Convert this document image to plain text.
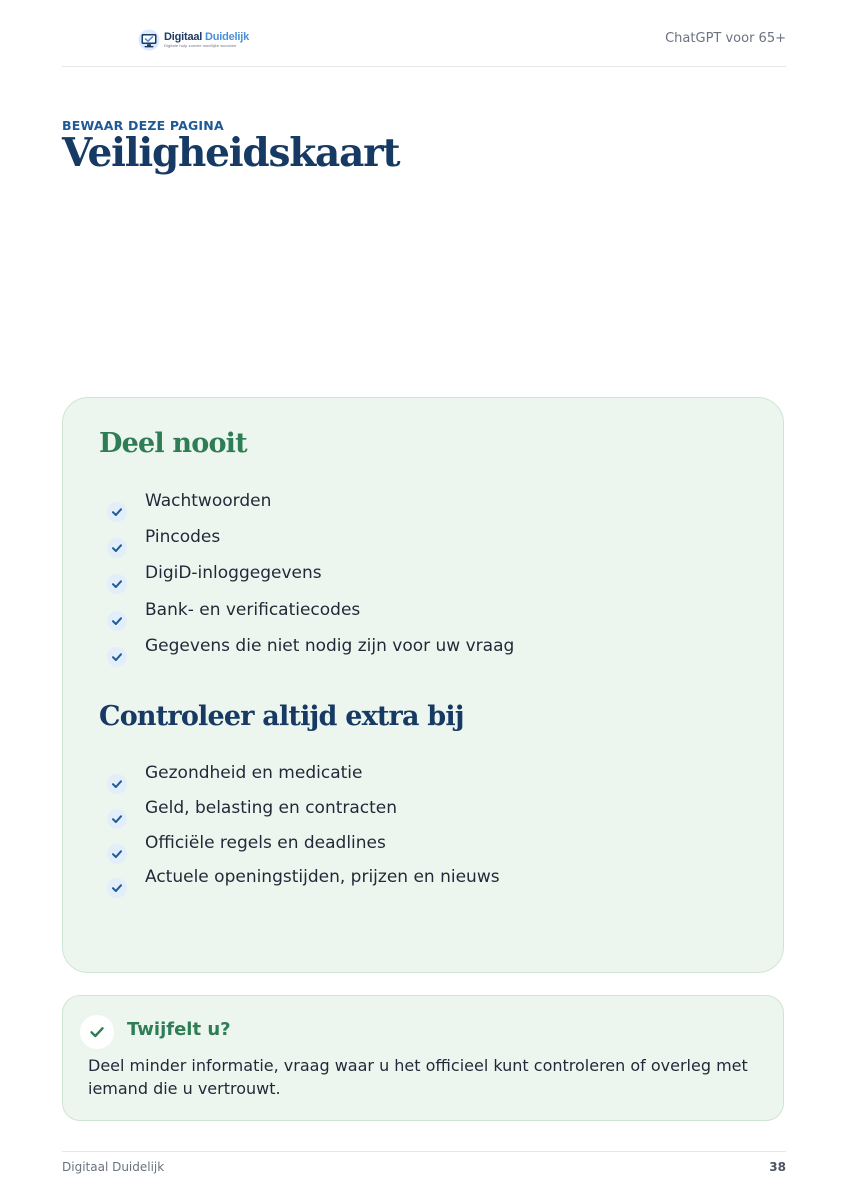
Digitaal Duidelijk
Digitale hulp zonder moeilijke woorden	ChatGPT voor 65+
BEWAAR DEZE PAGINA
Veiligheidskaart
Deel nooit
Wachtwoorden
Pincodes
DigiD-inloggegevens
Bank- en verificatiecodes
Gegevens die niet nodig zijn voor uw vraag
Controleer altijd extra bij
Gezondheid en medicatie
Geld, belasting en contracten
Officiële regels en deadlines
Actuele openingstijden, prijzen en nieuws
Twijfelt u?

Deel minder informatie, vraag waar u het officieel kunt controleren of overleg met iemand die u vertrouwt.

Digitaal Duidelijk	38
